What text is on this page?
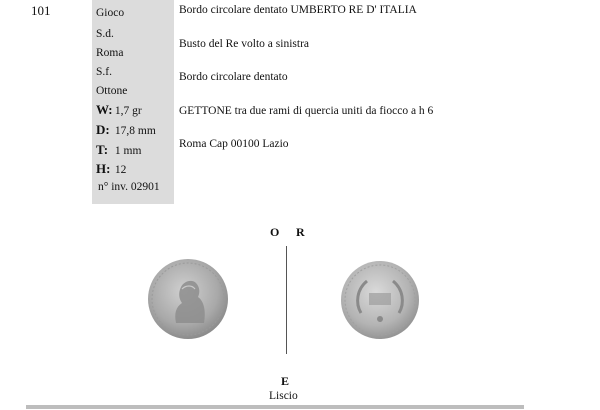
101	Gioco
S.d.
Roma
S.f.
Ottone
W: 1,7 gr
D: 17,8 mm
T: 1 mm
H: 12
n° inv. 02901
Bordo circolare dentato UMBERTO RE D' ITALIA
Busto del Re volto a sinistra
Bordo circolare dentato
GETTONE tra due rami di quercia uniti da fiocco a h 6
Roma Cap 00100 Lazio
O R
E
Liscio
